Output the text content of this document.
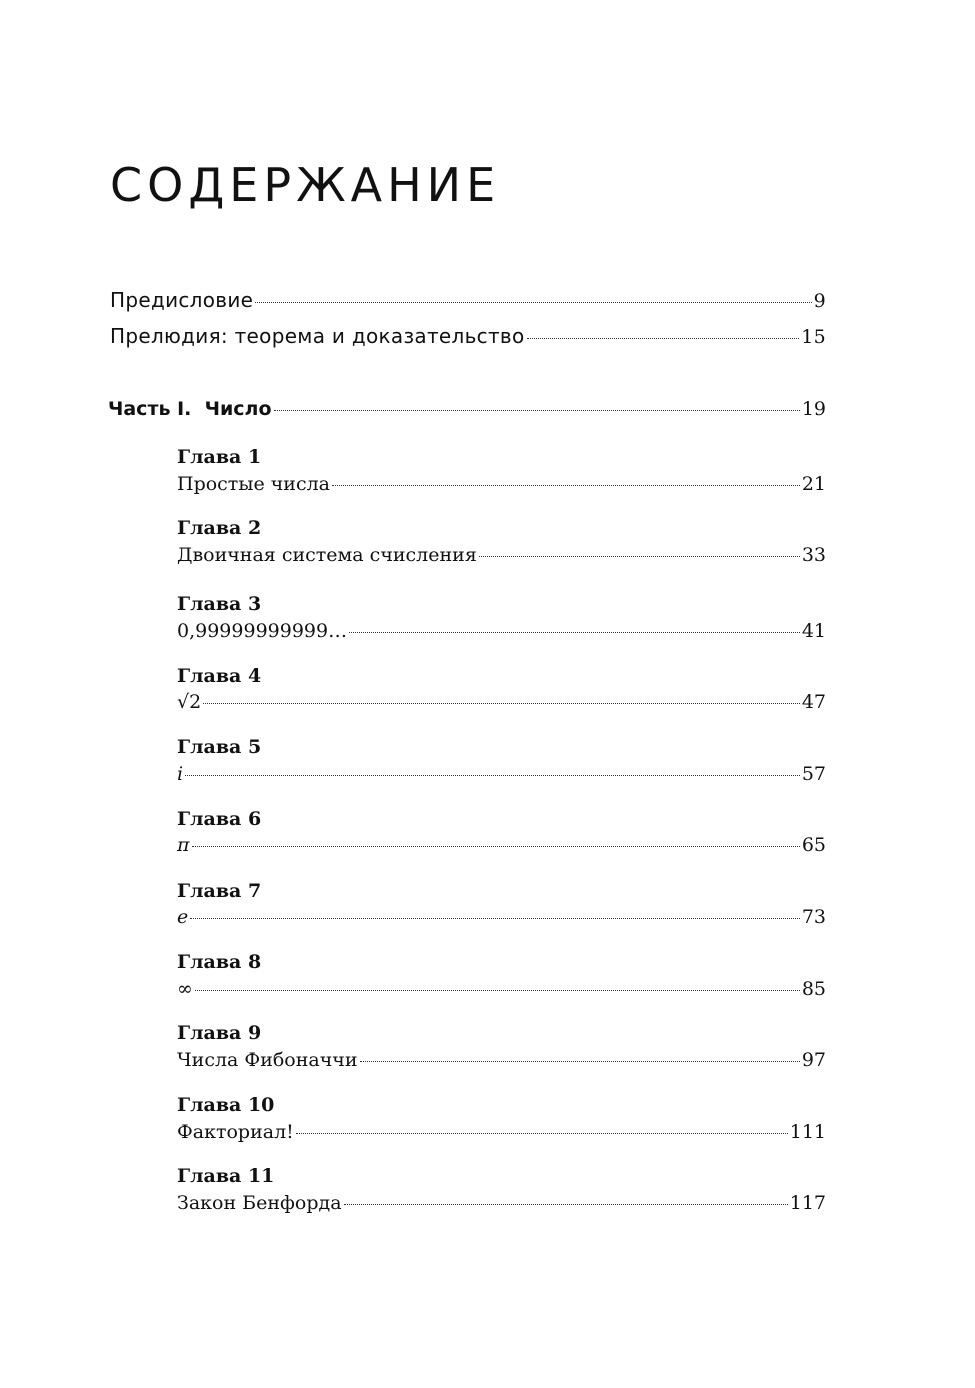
СОДЕРЖАНИЕ
Предисловие	9
Прелюдия: теорема и доказательство	15
Часть I.  Число	19
Глава 1
Простые числа	21
Глава 2
Двоичная система счисления	33
Глава 3
0,99999999999…	41
Глава 4
√2	47
Глава 5
i	57
Глава 6
π	65
Глава 7
e	73
Глава 8
∞	85
Глава 9
Числа Фибоначчи	97
Глава 10
Факториал!	111
Глава 11
Закон Бенфорда	117
